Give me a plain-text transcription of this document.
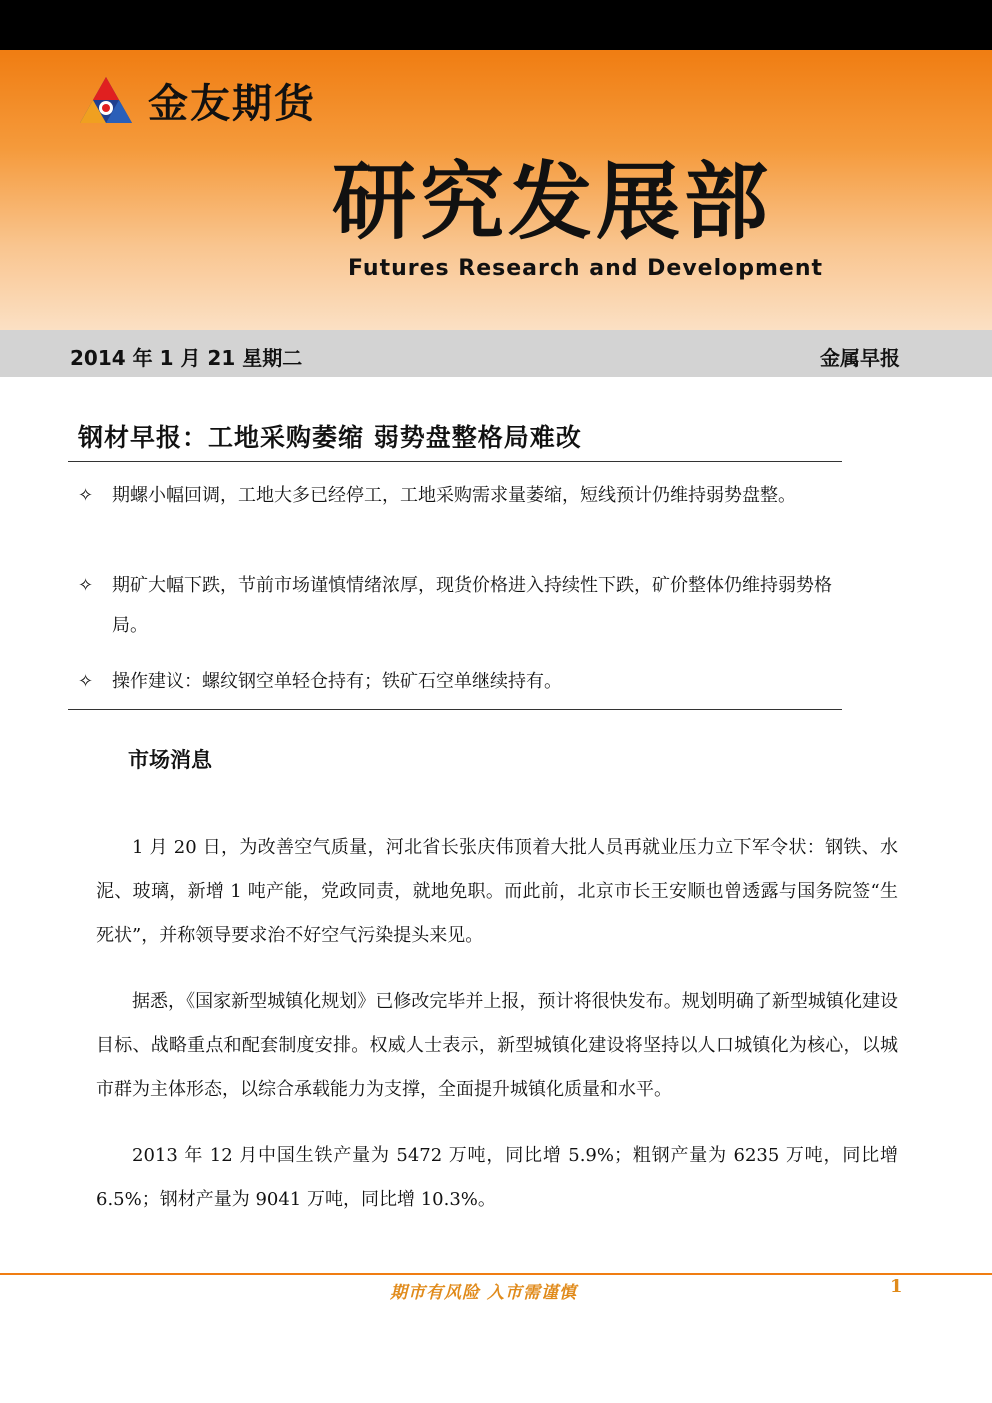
金友期货
研究发展部
Futures Research and Development
2014 年 1 月 21 星期二	金属早报
钢材早报：工地采购萎缩 弱势盘整格局难改
✧	期螺小幅回调，工地大多已经停工，工地采购需求量萎缩，短线预计仍维持弱势盘整。
✧	期矿大幅下跌，节前市场谨慎情绪浓厚，现货价格进入持续性下跌，矿价整体仍维持弱势格局。
✧	操作建议：螺纹钢空单轻仓持有；铁矿石空单继续持有。
市场消息

1 月 20 日，为改善空气质量，河北省长张庆伟顶着大批人员再就业压力立下军令状：钢铁、水泥、玻璃，新增 1 吨产能，党政同责，就地免职。而此前，北京市长王安顺也曾透露与国务院签“生死状”，并称领导要求治不好空气污染提头来见。

据悉，《国家新型城镇化规划》已修改完毕并上报，预计将很快发布。规划明确了新型城镇化建设目标、战略重点和配套制度安排。权威人士表示，新型城镇化建设将坚持以人口城镇化为核心，以城市群为主体形态，以综合承载能力为支撑，全面提升城镇化质量和水平。

2013 年 12 月中国生铁产量为 5472 万吨，同比增 5.9%；粗钢产量为 6235 万吨，同比增 6.5%；钢材产量为 9041 万吨，同比增 10.3%。

期市有风险 入市需谨慎	1
